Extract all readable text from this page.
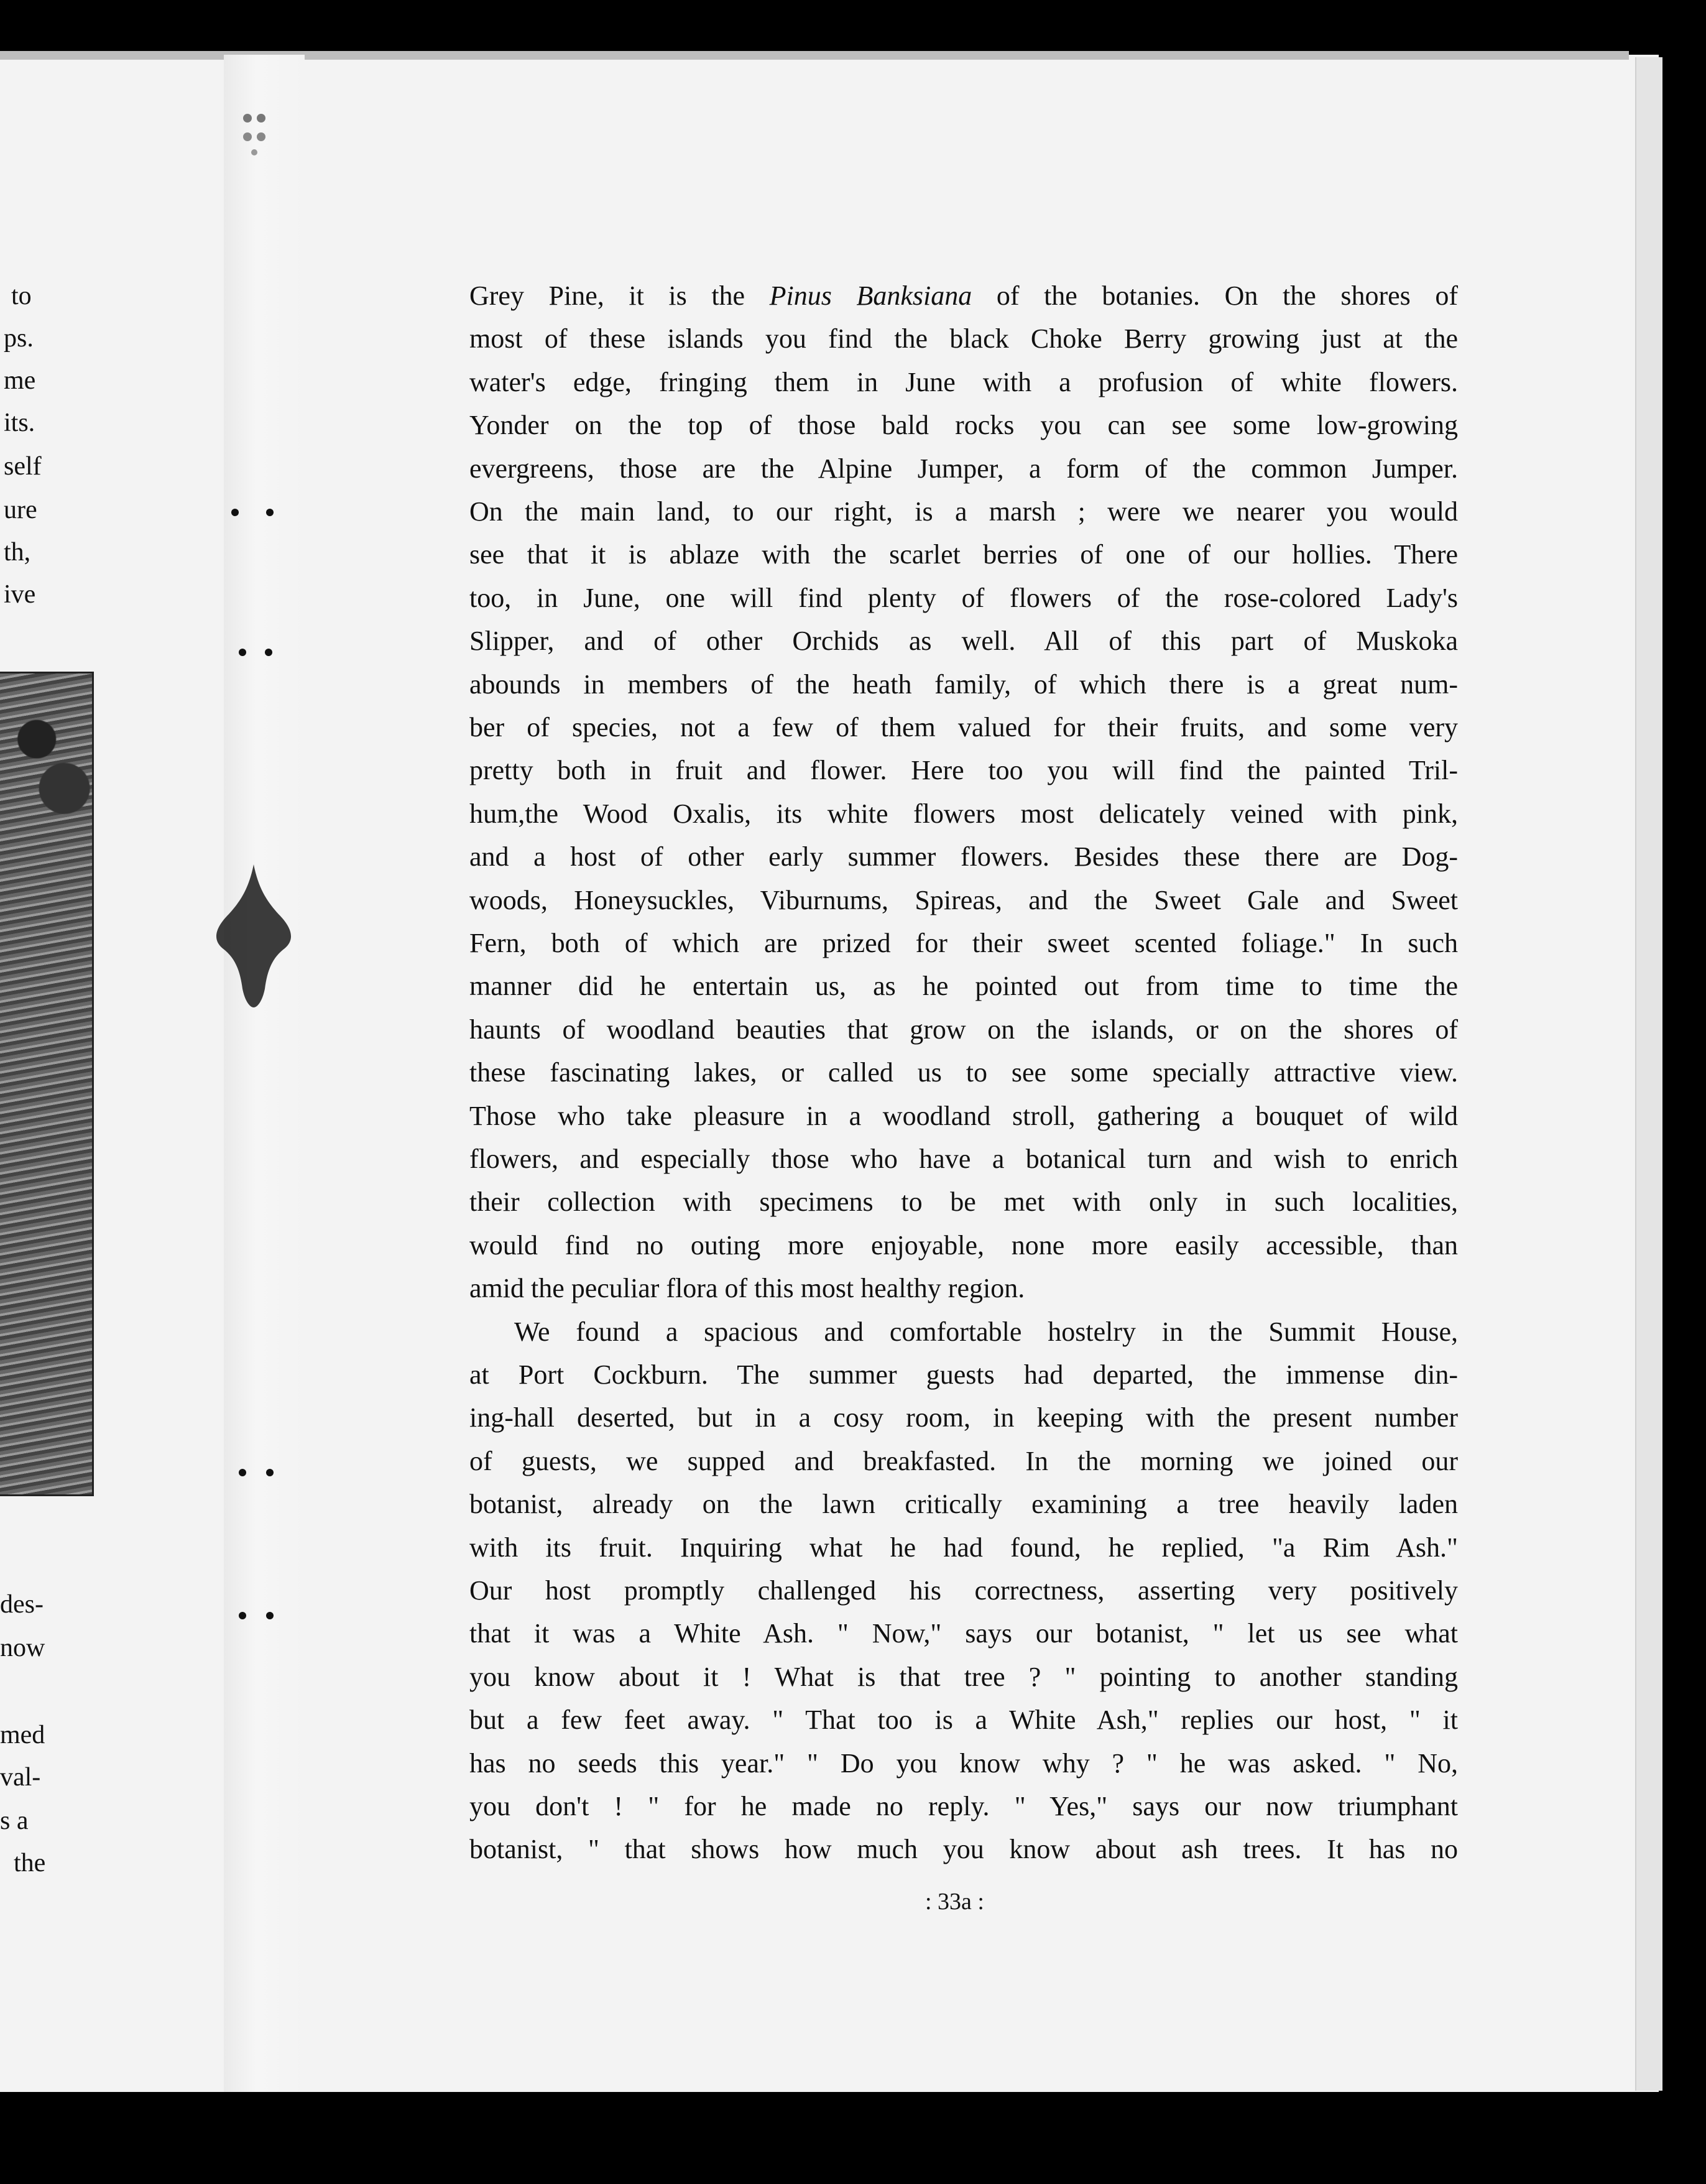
to
ps.
me
its.
self
ure
th,
ive
des-
now
med
val-
s a
the
Grey Pine, it is the Pinus Banksiana of the botanies. On the shores of
most of these islands you find the black Choke Berry growing just at the
water's edge, fringing them in June with a profusion of white flowers.
Yonder on the top of those bald rocks you can see some low-growing
evergreens, those are the Alpine Jumper, a form of the common Jumper.
On the main land, to our right, is a marsh ; were we nearer you would
see that it is ablaze with the scarlet berries of one of our hollies. There
too, in June, one will find plenty of flowers of the rose-colored Lady's
Slipper, and of other Orchids as well. All of this part of Muskoka
abounds in members of the heath family, of which there is a great num-
ber of species, not a few of them valued for their fruits, and some very
pretty both in fruit and flower. Here too you will find the painted Tril-
hum,the Wood Oxalis, its white flowers most delicately veined with pink,
and a host of other early summer flowers. Besides these there are Dog-
woods, Honeysuckles, Viburnums, Spireas, and the Sweet Gale and Sweet
Fern, both of which are prized for their sweet scented foliage." In such
manner did he entertain us, as he pointed out from time to time the
haunts of woodland beauties that grow on the islands, or on the shores of
these fascinating lakes, or called us to see some specially attractive view.
Those who take pleasure in a woodland stroll, gathering a bouquet of wild
flowers, and especially those who have a botanical turn and wish to enrich
their collection with specimens to be met with only in such localities,
would find no outing more enjoyable, none more easily accessible, than
amid the peculiar flora of this most healthy region.
We found a spacious and comfortable hostelry in the Summit House,
at Port Cockburn. The summer guests had departed, the immense din-
ing-hall deserted, but in a cosy room, in keeping with the present number
of guests, we supped and breakfasted. In the morning we joined our
botanist, already on the lawn critically examining a tree heavily laden
with its fruit. Inquiring what he had found, he replied, "a Rim Ash."
Our host promptly challenged his correctness, asserting very positively
that it was a White Ash. " Now," says our botanist, " let us see what
you know about it ! What is that tree ? " pointing to another standing
but a few feet away. " That too is a White Ash," replies our host, " it
has no seeds this year." " Do you know why ? " he was asked. " No,
you don't ! " for he made no reply. " Yes," says our now triumphant
botanist, " that shows how much you know about ash trees. It has no
: 33a :
